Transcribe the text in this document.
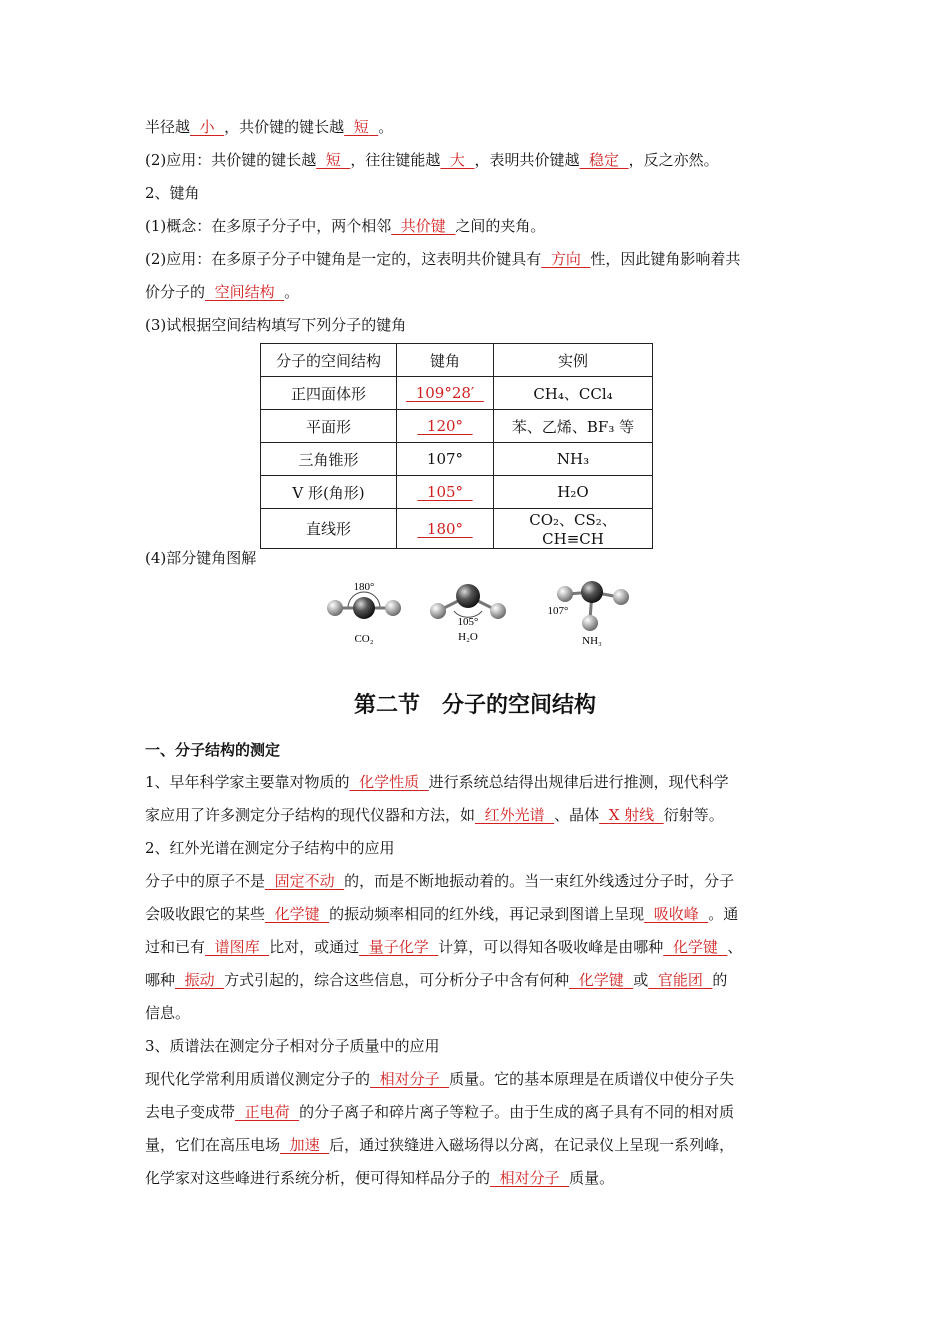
半径越 小 ，共价键的键长越 短 。
(2)应用：共价键的键长越 短 ，往往键能越 大 ，表明共价键越 稳定 ，反之亦然。
2、键角
(1)概念：在多原子分子中，两个相邻 共价键 之间的夹角。
(2)应用：在多原子分子中键角是一定的，这表明共价键具有 方向 性，因此键角影响着共
价分子的 空间结构 。
(3)试根据空间结构填写下列分子的键角
分子的空间结构	键角	实例
正四面体形	109°28′	CH₄、CCl₄
平面形	120°	苯、乙烯、BF₃ 等
三角锥形	107°	NH₃
V 形(角形)	105°	H₂O
直线形	180°	CO₂、CS₂、CH≡CH
(4)部分键角图解
180°
CO₂
105°
H₂O
107°
NH₃
第二节　分子的空间结构
一、分子结构的测定
1、早年科学家主要靠对物质的 化学性质 进行系统总结得出规律后进行推测，现代科学
家应用了许多测定分子结构的现代仪器和方法，如 红外光谱 、晶体 X 射线 衍射等。
2、红外光谱在测定分子结构中的应用
分子中的原子不是 固定不动 的，而是不断地振动着的。当一束红外线透过分子时，分子
会吸收跟它的某些 化学键 的振动频率相同的红外线，再记录到图谱上呈现 吸收峰 。通
过和已有 谱图库 比对，或通过 量子化学 计算，可以得知各吸收峰是由哪种 化学键 、
哪种 振动 方式引起的，综合这些信息，可分析分子中含有何种 化学键 或 官能团 的
信息。
3、质谱法在测定分子相对分子质量中的应用
现代化学常利用质谱仪测定分子的 相对分子 质量。它的基本原理是在质谱仪中使分子失
去电子变成带 正电荷 的分子离子和碎片离子等粒子。由于生成的离子具有不同的相对质
量，它们在高压电场 加速 后，通过狭缝进入磁场得以分离，在记录仪上呈现一系列峰，
化学家对这些峰进行系统分析，便可得知样品分子的 相对分子 质量。
